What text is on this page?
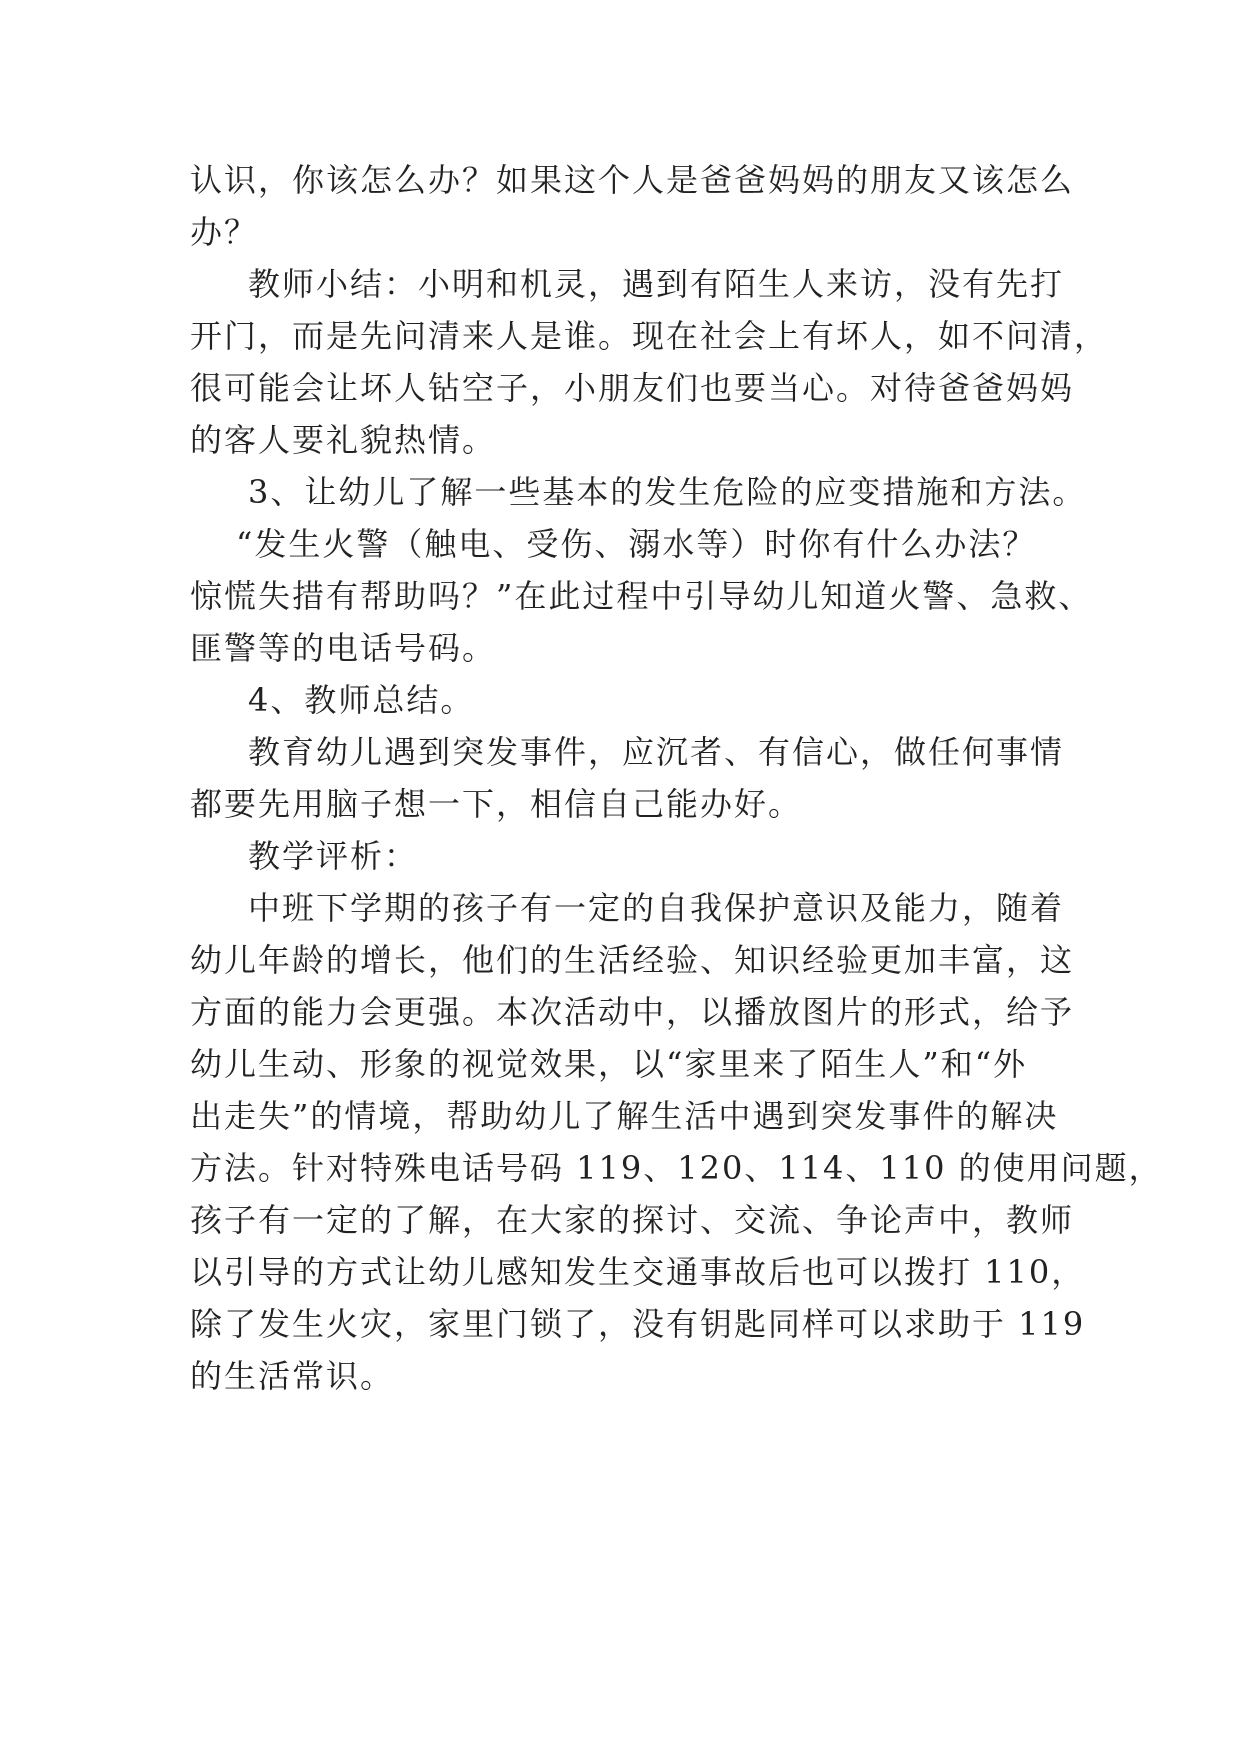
认识，你该怎么办？如果这个人是爸爸妈妈的朋友又该怎么
办？
教师小结：小明和机灵，遇到有陌生人来访，没有先打
开门，而是先问清来人是谁。现在社会上有坏人，如不问清，
很可能会让坏人钻空子，小朋友们也要当心。对待爸爸妈妈
的客人要礼貌热情。
3、让幼儿了解一些基本的发生危险的应变措施和方法。
“发生火警（触电、受伤、溺水等）时你有什么办法？
惊慌失措有帮助吗？”在此过程中引导幼儿知道火警、急救、
匪警等的电话号码。
4、教师总结。
教育幼儿遇到突发事件，应沉者、有信心，做任何事情
都要先用脑子想一下，相信自己能办好。
教学评析：
中班下学期的孩子有一定的自我保护意识及能力，随着
幼儿年龄的增长，他们的生活经验、知识经验更加丰富，这
方面的能力会更强。本次活动中，以播放图片的形式，给予
幼儿生动、形象的视觉效果，以“家里来了陌生人”和“外
出走失”的情境，帮助幼儿了解生活中遇到突发事件的解决
方法。针对特殊电话号码 119、120、114、110 的使用问题，
孩子有一定的了解，在大家的探讨、交流、争论声中，教师
以引导的方式让幼儿感知发生交通事故后也可以拨打 110，
除了发生火灾，家里门锁了，没有钥匙同样可以求助于 119
的生活常识。
